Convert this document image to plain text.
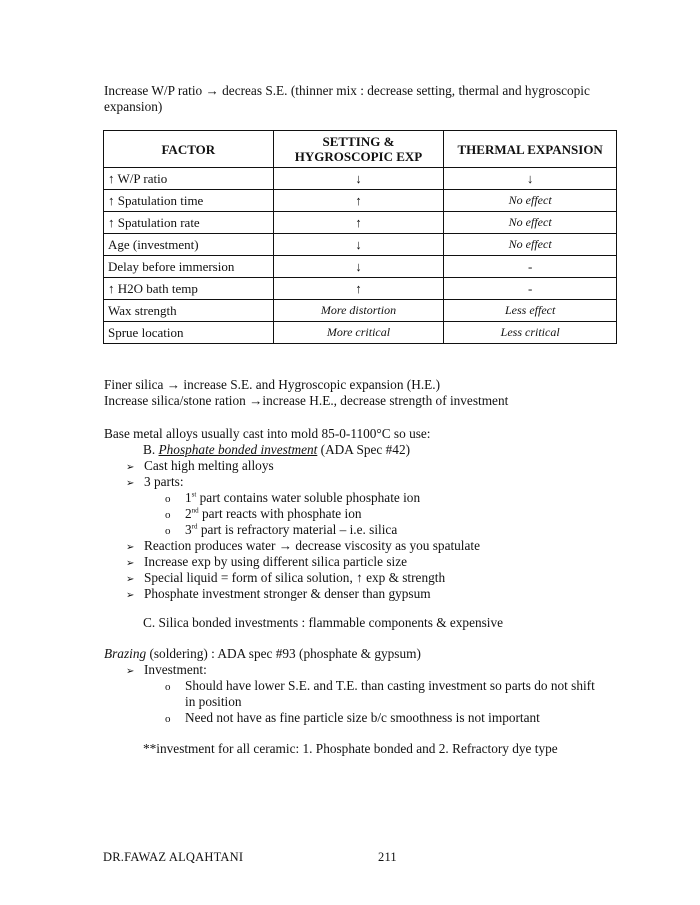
Increase W/P ratio → decreas S.E. (thinner mix : decrease setting, thermal and hygroscopic

expansion)

FACTOR	SETTING & HYGROSCOPIC EXP	THERMAL EXPANSION
↑ W/P ratio	↓	↓
↑ Spatulation time	↑	No effect
↑ Spatulation rate	↑	No effect
Age (investment)	↓	No effect
Delay before immersion	↓	-
↑ H2O bath temp	↑	-
Wax strength	More distortion	Less effect
Sprue location	More critical	Less critical

Finer silica → increase S.E. and Hygroscopic expansion (H.E.)

Increase silica/stone ration →increase H.E., decrease strength of investment

Base metal alloys usually cast into mold 85-0-1100°C so use:

B. Phosphate bonded investment (ADA Spec #42)

➢ Cast high melting alloys

➢ 3 parts:

o 1st part contains water soluble phosphate ion

o 2nd part reacts with phosphate ion

o 3rd part is refractory material – i.e. silica

➢ Reaction produces water → decrease viscosity as you spatulate

➢ Increase exp by using different silica particle size

➢ Special liquid = form of silica solution, ↑ exp & strength

➢ Phosphate investment stronger & denser than gypsum

C. Silica bonded investments : flammable components & expensive

Brazing (soldering) : ADA spec #93 (phosphate & gypsum)

➢ Investment:

o Should have lower S.E. and T.E. than casting investment so parts do not shift

in position

o Need not have as fine particle size b/c smoothness is not important

**investment for all ceramic: 1. Phosphate bonded and 2. Refractory dye type

DR.FAWAZ ALQAHTANI	211
